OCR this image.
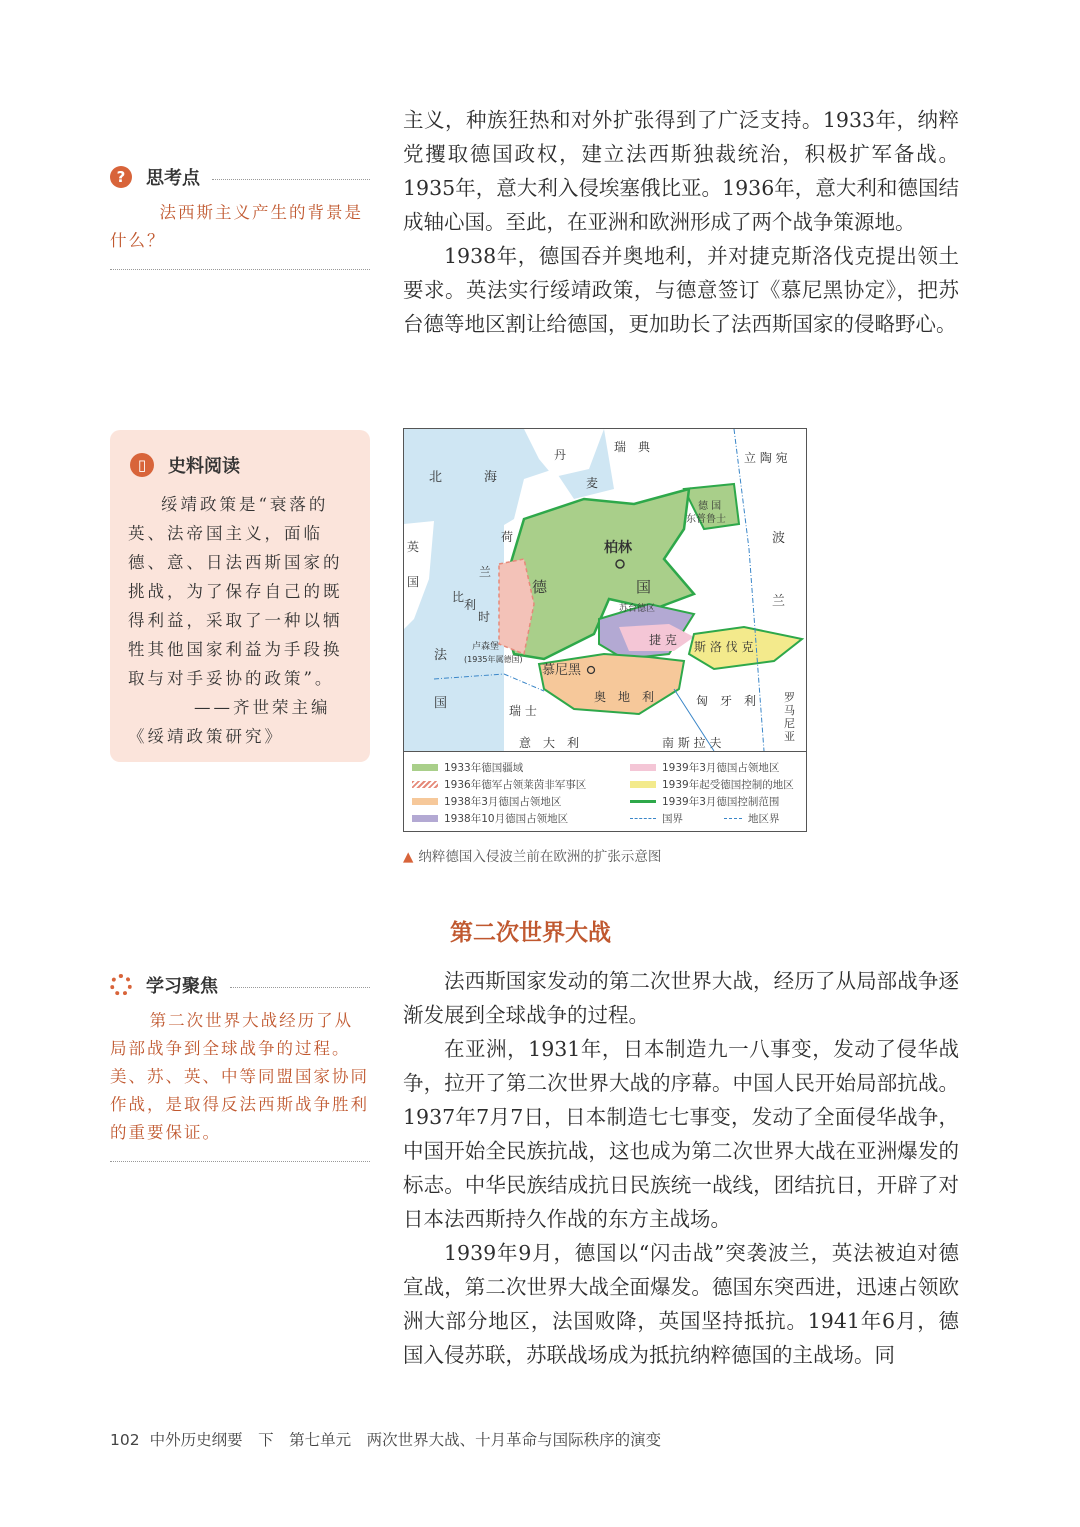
主义，种族狂热和对外扩张得到了广泛支持。1933年，纳粹党攫取德国政权，建立法西斯独裁统治，积极扩军备战。1935年，意大利入侵埃塞俄比亚。1936年，意大利和德国结成轴心国。至此，在亚洲和欧洲形成了两个战争策源地。

1938年，德国吞并奥地利，并对捷克斯洛伐克提出领土要求。英法实行绥靖政策，与德意签订《慕尼黑协定》，把苏台德等地区割让给德国，更加助长了法西斯国家的侵略野心。

?	思考点
法西斯主义产生的背景是什么？
▯	史料阅读
绥靖政策是“衰落的英、法帝国主义，面临德、意、日法西斯国家的挑战，为了保存自己的既得利益，采取了一种以牺牲其他国家利益为手段换取与对手妥协的政策”。
——齐世荣主编《绥靖政策研究》
北	海
瑞　典
丹
麦
立 陶 宛
德 国
东普鲁士
英
国
荷
兰
比
利
时
卢森堡
(1935年属德国)
德	国
柏林
波
兰
苏台德区
捷 克 斯 洛 伐 克
法
国
慕尼黑
奥　地　利	匈　牙　利	罗
马
尼
亚
瑞 士
意　大　利	南 斯 拉 夫
1933年德国疆域
1936年德军占领莱茵非军事区
1938年3月德国占领地区
1938年10月德国占领地区
1939年3月德国占领地区
1939年起受德国控制的地区
1939年3月德国控制范围
国界	地区界
▲ 纳粹德国入侵波兰前在欧洲的扩张示意图
第二次世界大战
学习聚焦
第二次世界大战经历了从局部战争到全球战争的过程。美、苏、英、中等同盟国家协同作战，是取得反法西斯战争胜利的重要保证。

法西斯国家发动的第二次世界大战，经历了从局部战争逐渐发展到全球战争的过程。

在亚洲，1931年，日本制造九一八事变，发动了侵华战争，拉开了第二次世界大战的序幕。中国人民开始局部抗战。1937年7月7日，日本制造七七事变，发动了全面侵华战争，中国开始全民族抗战，这也成为第二次世界大战在亚洲爆发的标志。中华民族结成抗日民族统一战线，团结抗日，开辟了对日本法西斯持久作战的东方主战场。

1939年9月，德国以“闪击战”突袭波兰，英法被迫对德宣战，第二次世界大战全面爆发。德国东突西进，迅速占领欧洲大部分地区，法国败降，英国坚持抵抗。1941年6月，德国入侵苏联，苏联战场成为抵抗纳粹德国的主战场。同

102 中外历史纲要　下　第七单元　两次世界大战、十月革命与国际秩序的演变
